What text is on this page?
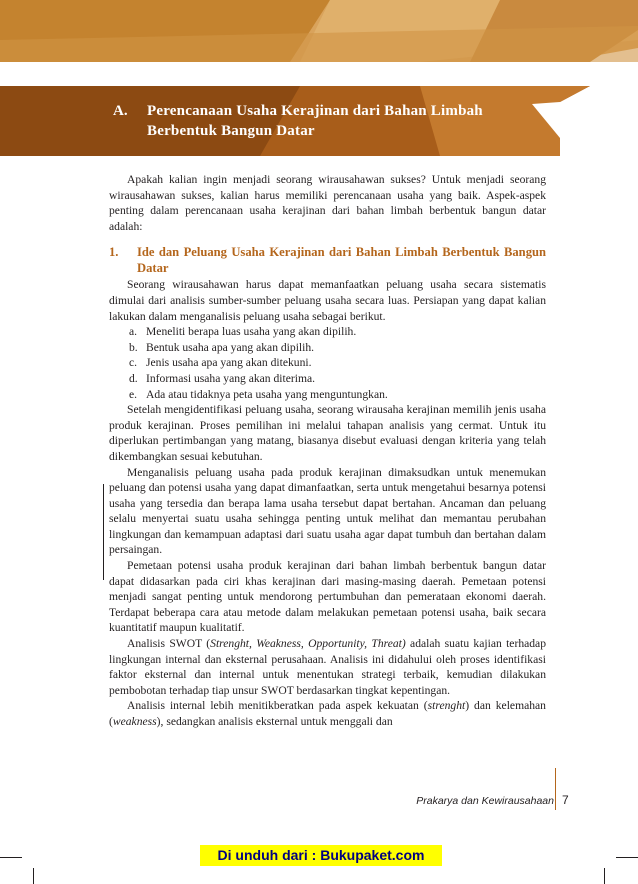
A. Perencanaan Usaha Kerajinan dari Bahan Limbah Berbentuk Bangun Datar

Apakah kalian ingin menjadi seorang wirausahawan sukses? Untuk menjadi seorang wirausahawan sukses, kalian harus memiliki perencanaan usaha yang baik. Aspek-aspek penting dalam perencanaan usaha kerajinan dari bahan limbah berbentuk bangun datar adalah:

1. Ide dan Peluang Usaha Kerajinan dari Bahan Limbah Berbentuk Bangun Datar

Seorang wirausahawan harus dapat memanfaatkan peluang usaha secara sistematis dimulai dari analisis sumber-sumber peluang usaha secara luas. Persiapan yang dapat kalian lakukan dalam menganalisis peluang usaha sebagai berikut.

a. Meneliti berapa luas usaha yang akan dipilih.
b. Bentuk usaha apa yang akan dipilih.
c. Jenis usaha apa yang akan ditekuni.
d. Informasi usaha yang akan diterima.
e. Ada atau tidaknya peta usaha yang menguntungkan.

Setelah mengidentifikasi peluang usaha, seorang wirausaha kerajinan memilih jenis usaha produk kerajinan. Proses pemilihan ini melalui tahapan analisis yang cermat. Untuk itu diperlukan pertimbangan yang matang, biasanya disebut evaluasi dengan kriteria yang telah dikembangkan sesuai kebutuhan.

Menganalisis peluang usaha pada produk kerajinan dimaksudkan untuk menemukan peluang dan potensi usaha yang dapat dimanfaatkan, serta untuk mengetahui besarnya potensi usaha yang tersedia dan berapa lama usaha tersebut dapat bertahan. Ancaman dan peluang selalu menyertai suatu usaha sehingga penting untuk melihat dan memantau perubahan lingkungan dan kemampuan adaptasi dari suatu usaha agar dapat tumbuh dan bertahan dalam persaingan.

Pemetaan potensi usaha produk kerajinan dari bahan limbah berbentuk bangun datar dapat didasarkan pada ciri khas kerajinan dari masing-masing daerah. Pemetaan potensi menjadi sangat penting untuk mendorong pertumbuhan dan pemerataan ekonomi daerah. Terdapat beberapa cara atau metode dalam melakukan pemetaan potensi usaha, baik secara kuantitatif maupun kualitatif.

Analisis SWOT (Strenght, Weakness, Opportunity, Threat) adalah suatu kajian terhadap lingkungan internal dan eksternal perusahaan. Analisis ini didahului oleh proses identifikasi faktor eksternal dan internal untuk menentukan strategi terbaik, kemudian dilakukan pembobotan terhadap tiap unsur SWOT berdasarkan tingkat kepentingan.

Analisis internal lebih menitikberatkan pada aspek kekuatan (strenght) dan kelemahan (weakness), sedangkan analisis eksternal untuk menggali dan

Prakarya dan Kewirausahaan 7
Di unduh dari : Bukupaket.com
